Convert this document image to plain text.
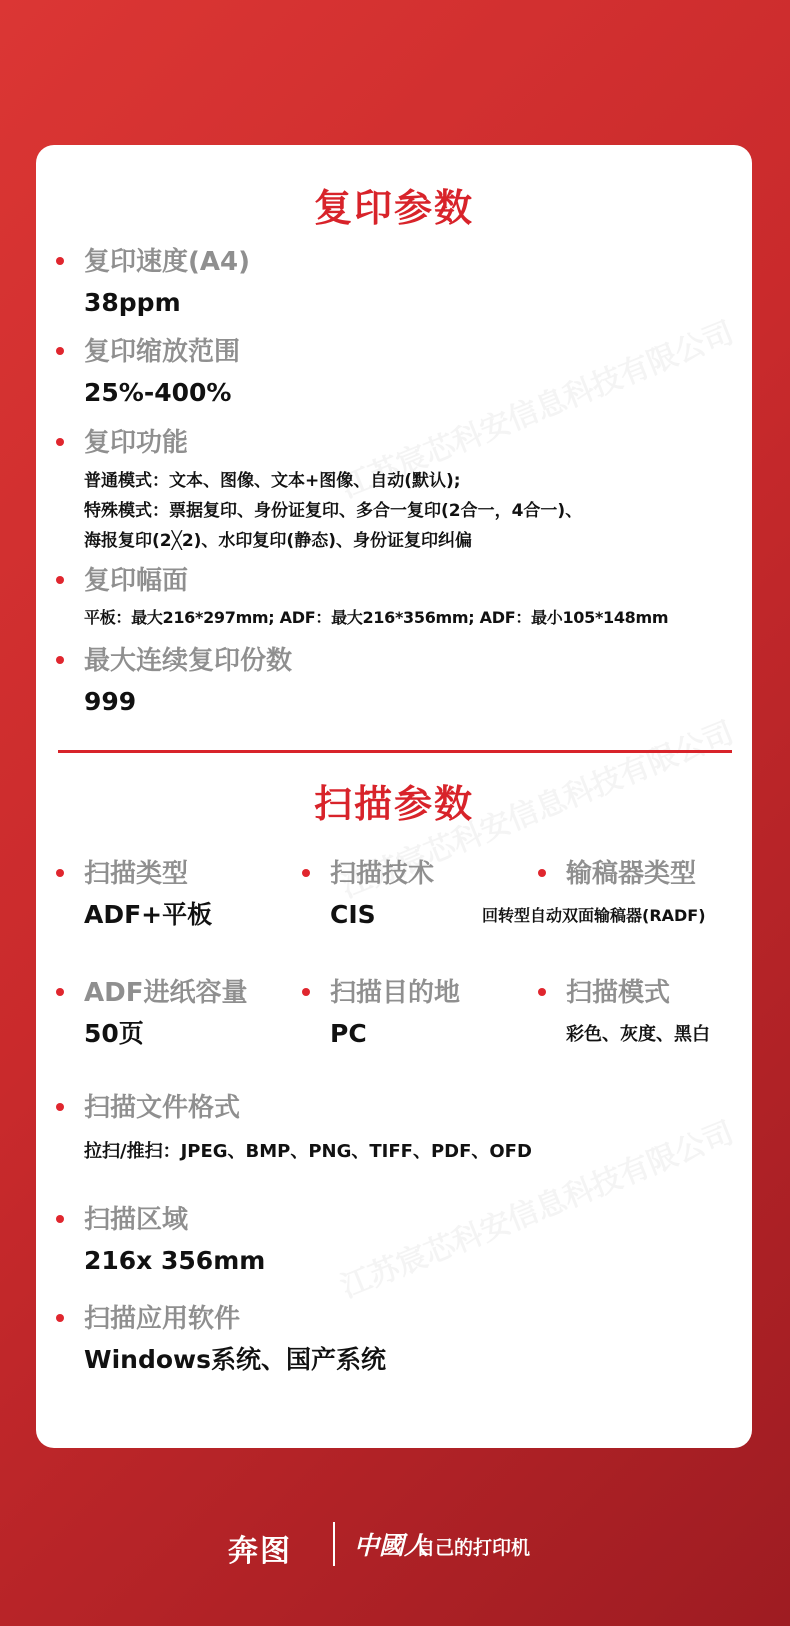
复印参数
复印速度(A4)
38ppm
复印缩放范围
25%-400%
复印功能
普通模式：文本、图像、文本+图像、自动(默认);
特殊模式：票据复印、身份证复印、多合一复印(2合一，4合一)、
海报复印(2╳2)、水印复印(静态)、身份证复印纠偏
复印幅面
平板：最大216*297mm; ADF：最大216*356mm; ADF：最小105*148mm
最大连续复印份数
999
扫描参数
扫描类型
ADF+平板
扫描技术
CIS
输稿器类型
回转型自动双面输稿器(RADF)
ADF进纸容量
50页
扫描目的地
PC
扫描模式
彩色、灰度、黑白
扫描文件格式
拉扫/推扫：JPEG、BMP、PNG、TIFF、PDF、OFD
扫描区域
216x 356mm
扫描应用软件
Windows系统、国产系统
奔图 中國人
自己的打印机
